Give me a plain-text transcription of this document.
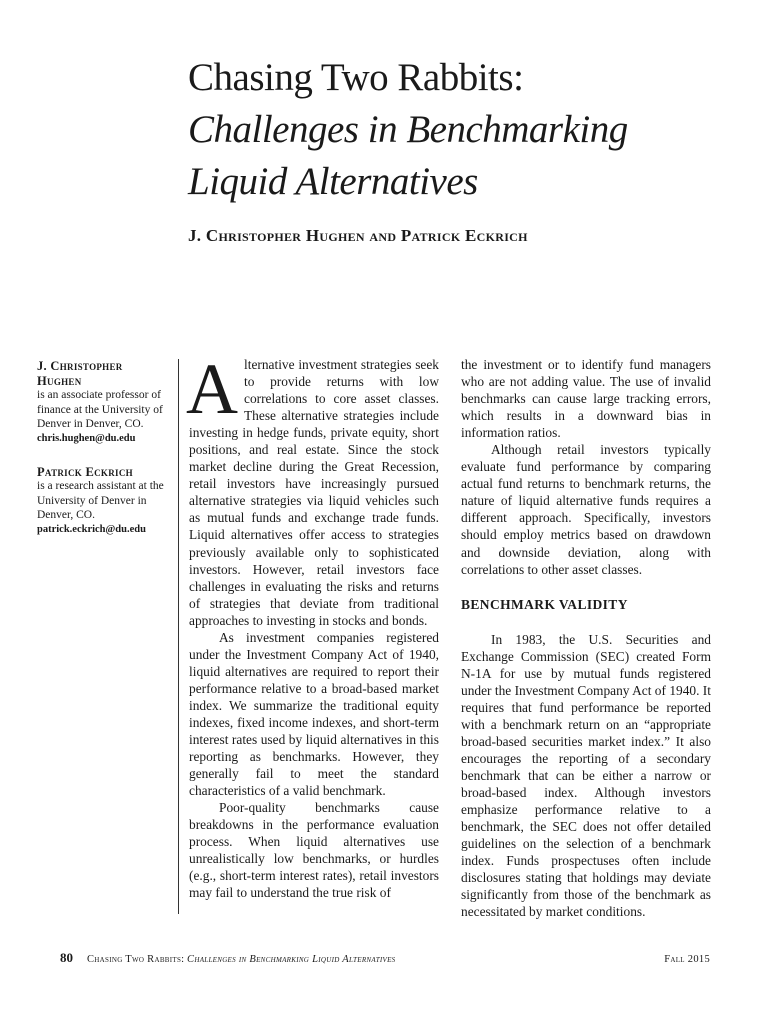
Chasing Two Rabbits:
Challenges in Benchmarking
Liquid Alternatives
J. Christopher Hughen and Patrick Eckrich
J. Christopher
Hughen
is an associate professor of finance at the University of Denver in Denver, CO.
chris.hughen@du.edu
Patrick Eckrich
is a research assistant at the University of Denver in Denver, CO.
patrick.eckrich@du.edu

Alternative investment strategies seek to provide returns with low correlations to core asset classes. These alternative strategies include investing in hedge funds, private equity, short positions, and real estate. Since the stock market decline during the Great Recession, retail investors have increasingly pursued alternative strategies via liquid vehicles such as mutual funds and exchange trade funds. Liquid alternatives offer access to strategies previously available only to sophisticated investors. However, retail investors face challenges in evaluating the risks and returns of strategies that deviate from traditional approaches to investing in stocks and bonds.

As investment companies registered under the Investment Company Act of 1940, liquid alternatives are required to report their performance relative to a broad-based market index. We summarize the traditional equity indexes, fixed income indexes, and short-term interest rates used by liquid alternatives in this reporting as benchmarks. However, they generally fail to meet the standard characteristics of a valid benchmark.

Poor-quality benchmarks cause breakdowns in the performance evaluation process. When liquid alternatives use unrealistically low benchmarks, or hurdles (e.g., short-term interest rates), retail investors may fail to understand the true risk of

the investment or to identify fund managers who are not adding value. The use of invalid benchmarks can cause large tracking errors, which results in a downward bias in information ratios.

Although retail investors typically evaluate fund performance by comparing actual fund returns to benchmark returns, the nature of liquid alternative funds requires a different approach. Specifically, investors should employ metrics based on drawdown and downside deviation, along with correlations to other asset classes.

BENCHMARK VALIDITY

In 1983, the U.S. Securities and Exchange Commission (SEC) created Form N-1A for use by mutual funds registered under the Investment Company Act of 1940. It requires that fund performance be reported with a benchmark return on an “appropriate broad-based securities market index.” It also encourages the reporting of a secondary benchmark that can be either a narrow or broad-based index. Although investors emphasize performance relative to a benchmark, the SEC does not offer detailed guidelines on the selection of a benchmark index. Funds prospectuses often include disclosures stating that holdings may deviate significantly from those of the benchmark as necessitated by market conditions.

80 Chasing Two Rabbits:
Challenges in Benchmarking Liquid Alternatives	Fall 2015
